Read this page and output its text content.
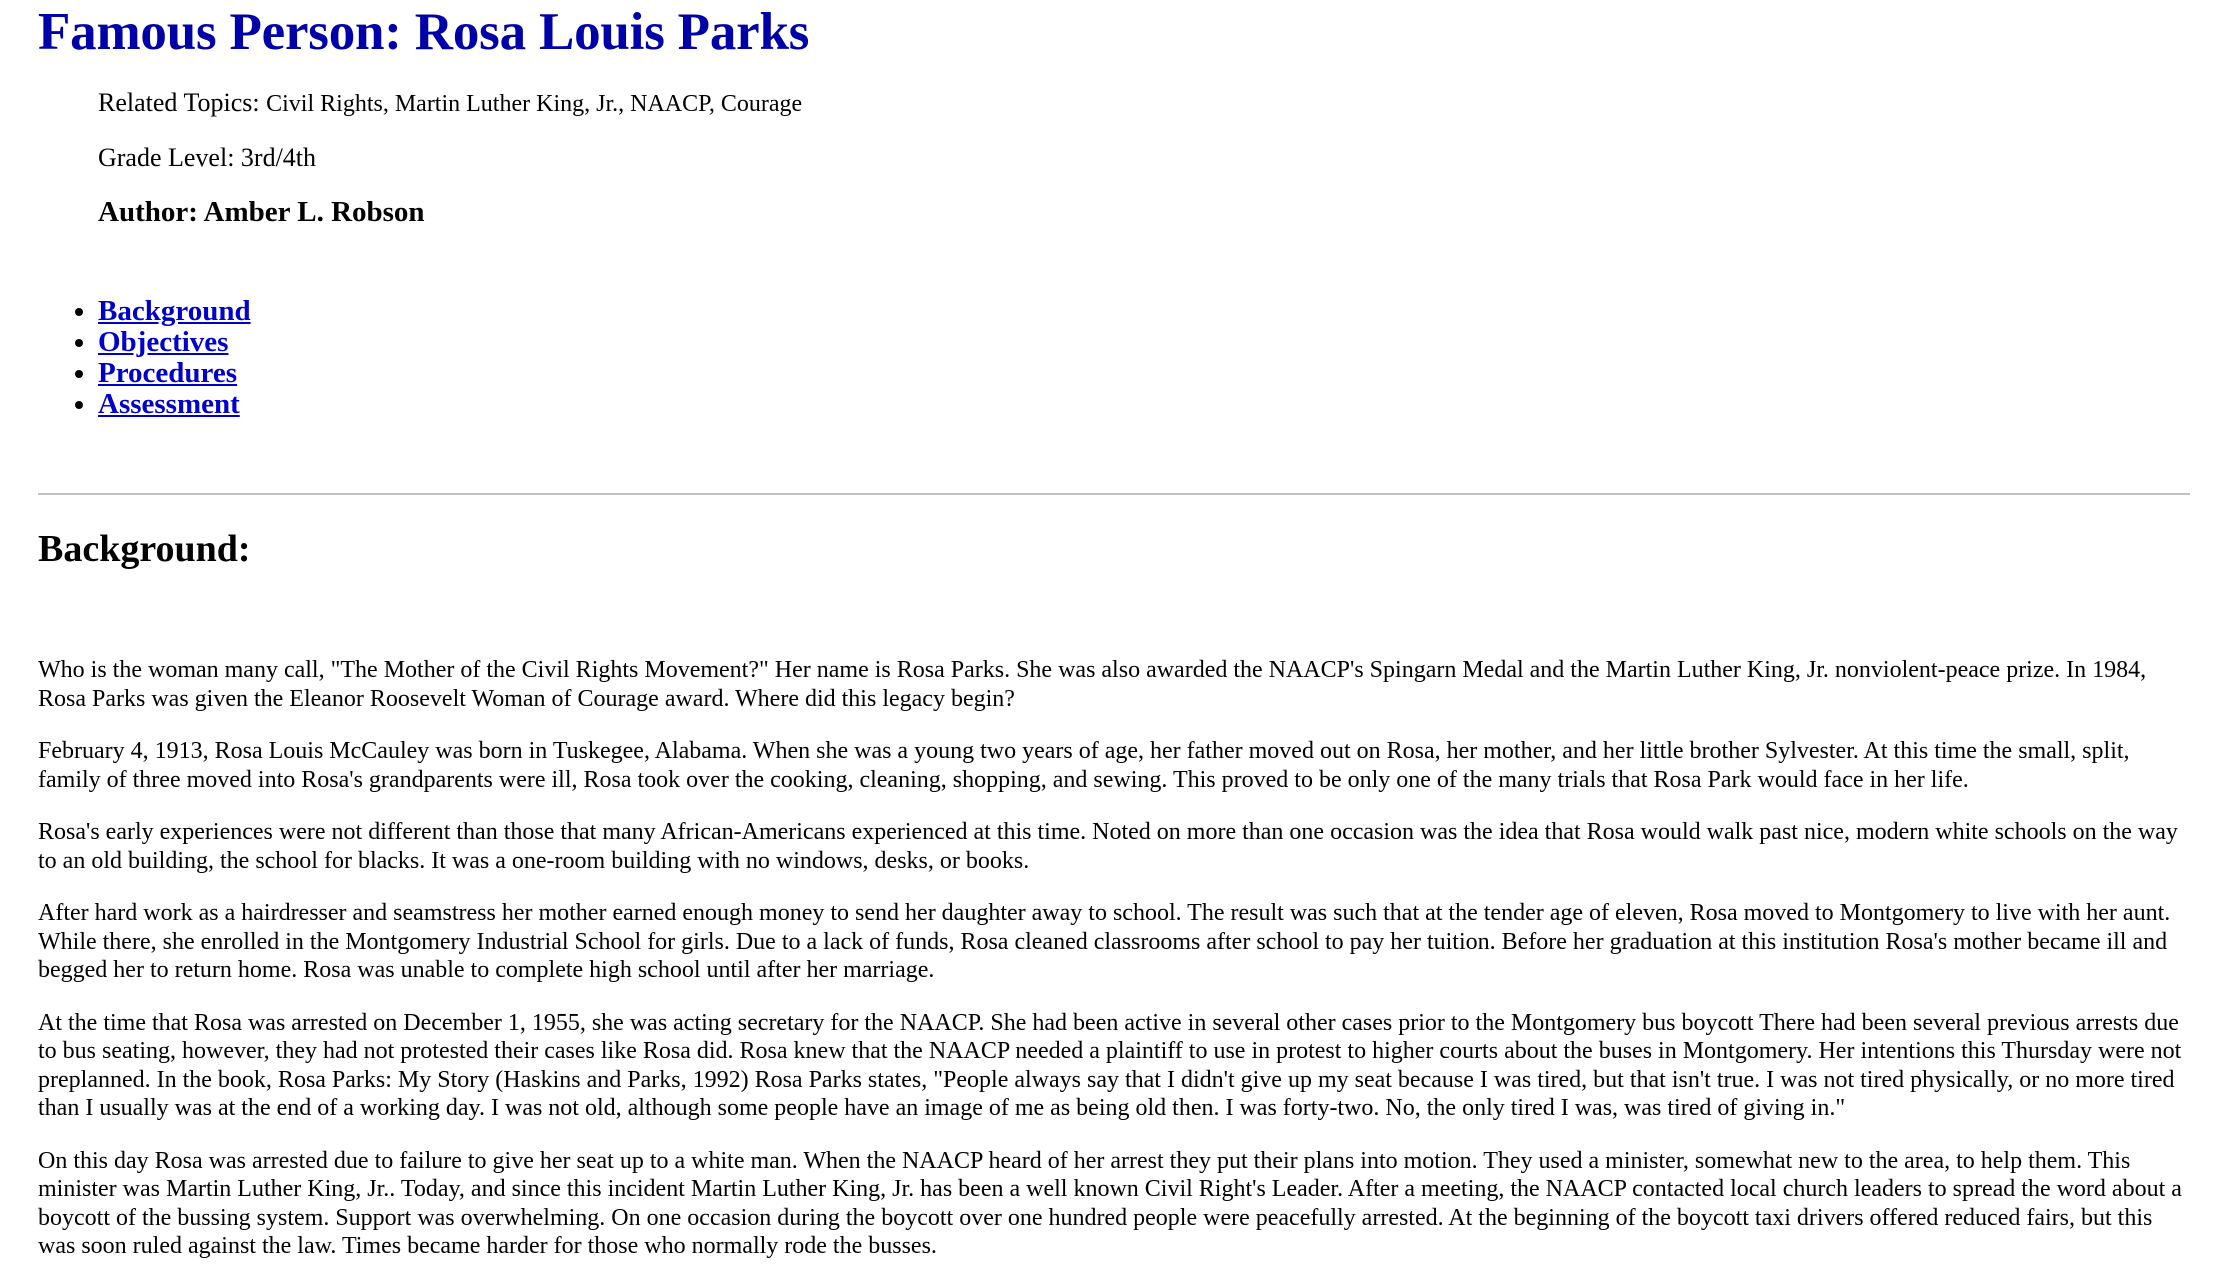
Famous Person: Rosa Louis Parks

Related Topics: Civil Rights, Martin Luther King, Jr., NAACP, Courage

Grade Level: 3rd/4th

Author: Amber L. Robson

• Background
• Objectives
• Procedures
• Assessment
Background:

Who is the woman many call, "The Mother of the Civil Rights Movement?" Her name is Rosa Parks. She was also awarded the NAACP's Spingarn Medal and the Martin Luther King, Jr. nonviolent-peace prize. In 1984, Rosa Parks was given the Eleanor Roosevelt Woman of Courage award. Where did this legacy begin?

February 4, 1913, Rosa Louis McCauley was born in Tuskegee, Alabama. When she was a young two years of age, her father moved out on Rosa, her mother, and her little brother Sylvester. At this time the small, split, family of three moved into Rosa's grandparents were ill, Rosa took over the cooking, cleaning, shopping, and sewing. This proved to be only one of the many trials that Rosa Park would face in her life.

Rosa's early experiences were not different than those that many African-Americans experienced at this time. Noted on more than one occasion was the idea that Rosa would walk past nice, modern white schools on the way to an old building, the school for blacks. It was a one-room building with no windows, desks, or books.

After hard work as a hairdresser and seamstress her mother earned enough money to send her daughter away to school. The result was such that at the tender age of eleven, Rosa moved to Montgomery to live with her aunt. While there, she enrolled in the Montgomery Industrial School for girls. Due to a lack of funds, Rosa cleaned classrooms after school to pay her tuition. Before her graduation at this institution Rosa's mother became ill and begged her to return home. Rosa was unable to complete high school until after her marriage.

At the time that Rosa was arrested on December 1, 1955, she was acting secretary for the NAACP. She had been active in several other cases prior to the Montgomery bus boycott There had been several previous arrests due to bus seating, however, they had not protested their cases like Rosa did. Rosa knew that the NAACP needed a plaintiff to use in protest to higher courts about the buses in Montgomery. Her intentions this Thursday were not preplanned. In the book, Rosa Parks: My Story (Haskins and Parks, 1992) Rosa Parks states, "People always say that I didn't give up my seat because I was tired, but that isn't true. I was not tired physically, or no more tired than I usually was at the end of a working day. I was not old, although some people have an image of me as being old then. I was forty-two. No, the only tired I was, was tired of giving in."

On this day Rosa was arrested due to failure to give her seat up to a white man. When the NAACP heard of her arrest they put their plans into motion. They used a minister, somewhat new to the area, to help them. This minister was Martin Luther King, Jr.. Today, and since this incident Martin Luther King, Jr. has been a well known Civil Right's Leader. After a meeting, the NAACP contacted local church leaders to spread the word about a boycott of the bussing system. Support was overwhelming. On one occasion during the boycott over one hundred people were peacefully arrested. At the beginning of the boycott taxi drivers offered reduced fairs, but this was soon ruled against the law. Times became harder for those who normally rode the busses.
